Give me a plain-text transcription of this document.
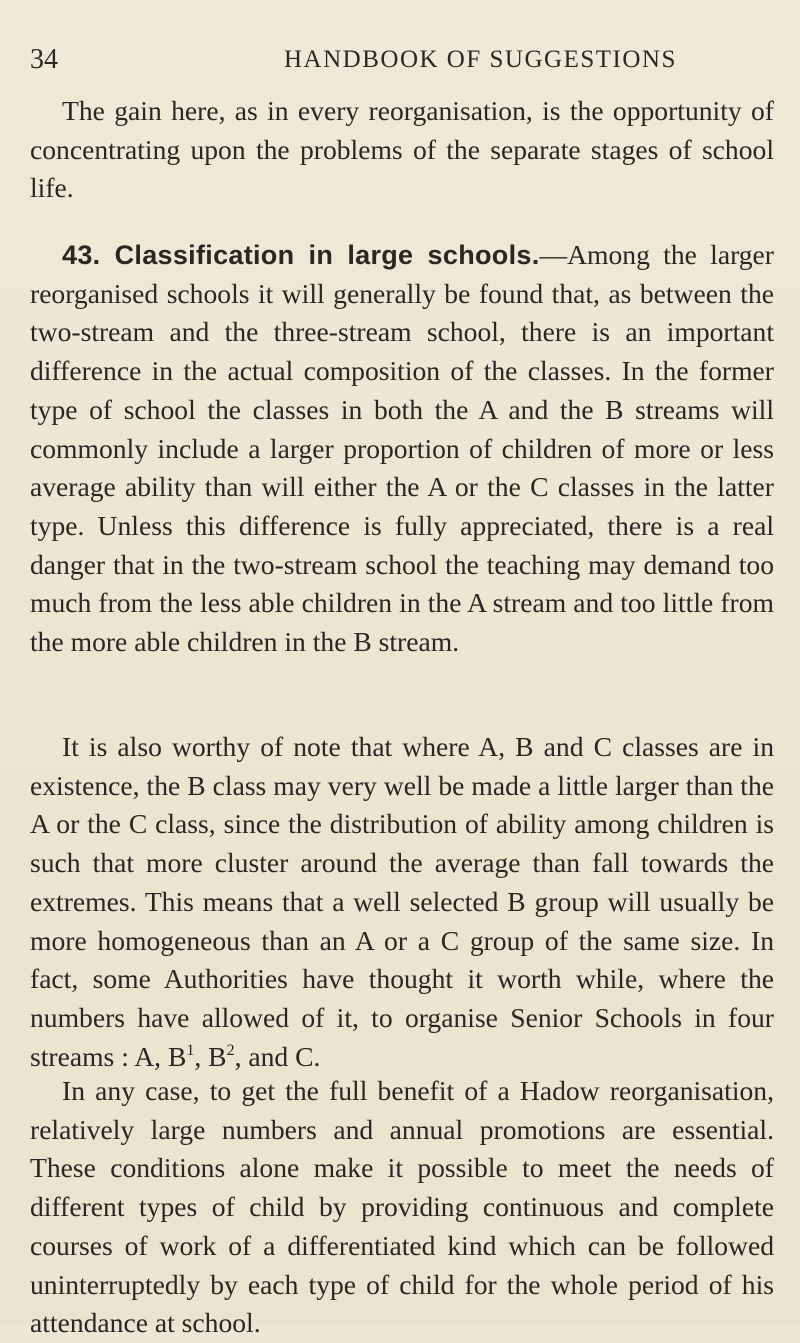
34	HANDBOOK OF SUGGESTIONS

The gain here, as in every reorganisation, is the opportunity of concentrating upon the problems of the separate stages of school life.

43. Classification in large schools.—Among the larger reorganised schools it will generally be found that, as between the two-stream and the three-stream school, there is an important difference in the actual composition of the classes. In the former type of school the classes in both the A and the B streams will commonly include a larger proportion of children of more or less average ability than will either the A or the C classes in the latter type. Unless this difference is fully appreciated, there is a real danger that in the two-stream school the teaching may demand too much from the less able children in the A stream and too little from the more able children in the B stream.

It is also worthy of note that where A, B and C classes are in existence, the B class may very well be made a little larger than the A or the C class, since the distribution of ability among children is such that more cluster around the average than fall towards the extremes. This means that a well selected B group will usually be more homogeneous than an A or a C group of the same size. In fact, some Authorities have thought it worth while, where the numbers have allowed of it, to organise Senior Schools in four streams : A, $B^1$, $B^2$, and C.

In any case, to get the full benefit of a Hadow reorganisation, relatively large numbers and annual promotions are essential. These conditions alone make it possible to meet the needs of different types of child by providing continuous and complete courses of work of a differentiated kind which can be followed uninterruptedly by each type of child for the whole period of his attendance at school.
